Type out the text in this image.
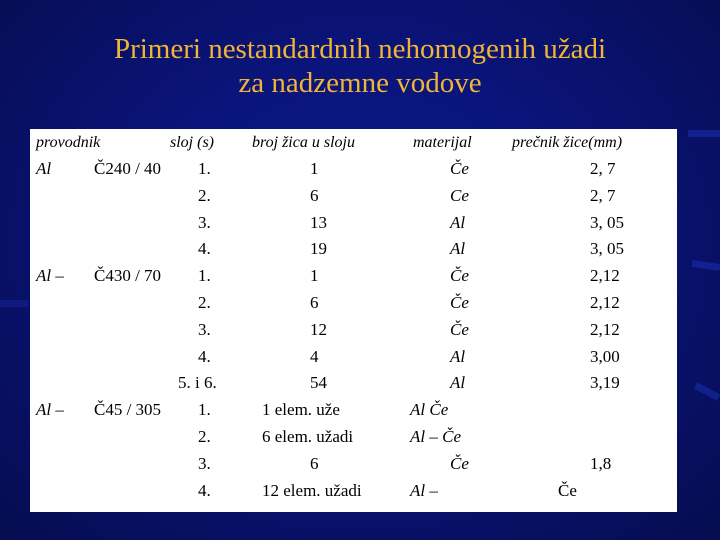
Primeri nestandardnih nehomogenih užadi
za nadzemne vodove
provodnik	sloj (s) broj žica u sloju	materijal	prečnik žice(mm)
Al	Č240 / 40 1.	1	Če	2, 7
2.	6	Ce	2, 7
3.	13	Al	3, 05
4.	19	Al	3, 05
Al – Č430 / 70 1.	1	Če	2,12
2.	6	Če	2,12
3.	12	Če	2,12
4.	4	Al	3,00
5. i 6.	54	Al	3,19
Al – Č45 / 305 1.	1 elem. uže	Al Če
2.	6 elem. užadi	Al – Če
3.	6	Če	1,8
4.	12 elem. užadi	Al –	Če
